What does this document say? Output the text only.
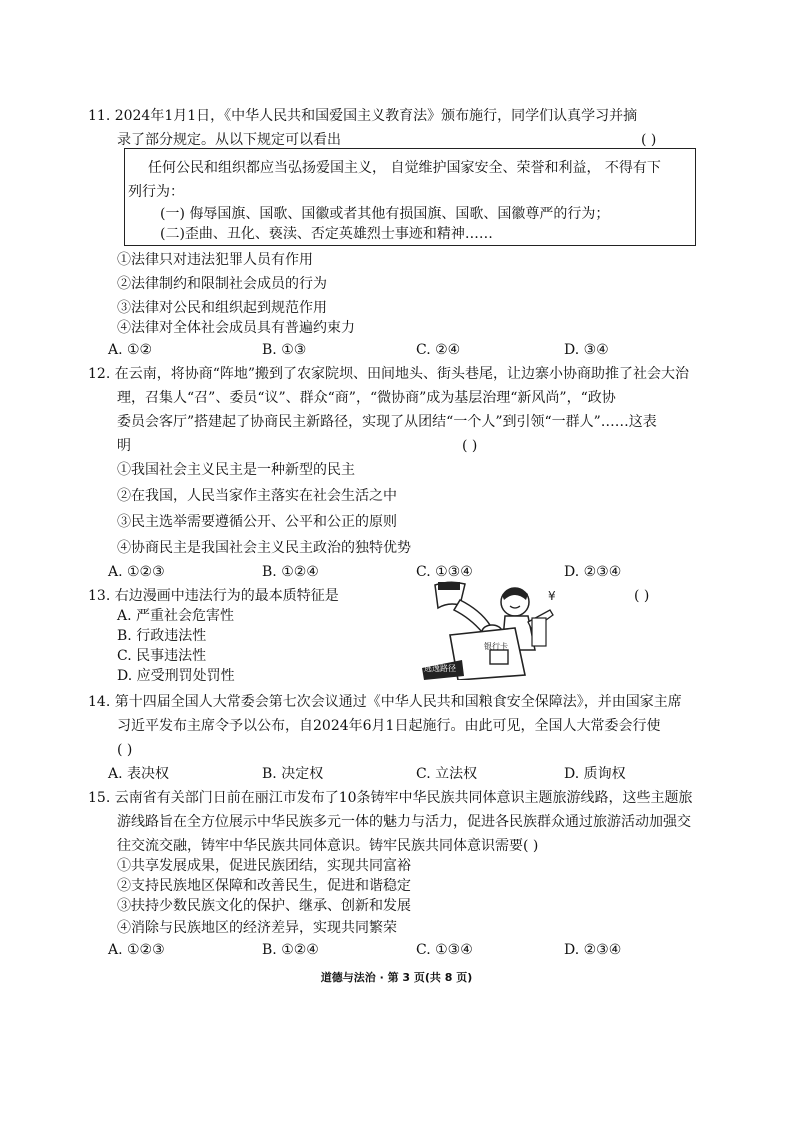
11. 2024年1月1日，《中华人民共和国爱国主义教育法》颁布施行，同学们认真学习并摘
录了部分规定。从以下规定可以看出	( )
任何公民和组织都应当弘扬爱国主义， 自觉维护国家安全、荣誉和利益， 不得有下
列行为：
(一) 侮辱国旗、国歌、国徽或者其他有损国旗、国歌、国徽尊严的行为；
(二)歪曲、丑化、亵渎、否定英雄烈士事迹和精神……
①法律只对违法犯罪人员有作用
②法律制约和限制社会成员的行为
③法律对公民和组织起到规范作用
④法律对全体社会成员具有普遍约束力
A. ①②	B. ①③	C. ②④	D. ③④
12. 在云南，将协商“阵地”搬到了农家院坝、田间地头、街头巷尾，让边寨小协商助推了社会大治
理，召集人“召”、委员“议”、群众“商”，“微协商”成为基层治理“新风尚”，“政协
委员会客厅”搭建起了协商民主新路径，实现了从团结“一个人”到引领“一群人”……这表
明	( )
①我国社会主义民主是一种新型的民主
②在我国，人民当家作主落实在社会生活之中
③民主选举需要遵循公开、公平和公正的原则
④协商民主是我国社会主义民主政治的独特优势
A. ①②③	B. ①②④	C. ①③④	D. ②③④
13. 右边漫画中违法行为的最本质特征是	( )
A. 严重社会危害性
B. 行政违法性
C. 民事违法性
D. 应受刑罚处罚性
¥
银行卡
逃逸路径
14. 第十四届全国人大常委会第七次会议通过《中华人民共和国粮食安全保障法》，并由国家主席
习近平发布主席令予以公布，自2024年6月1日起施行。由此可见，全国人大常委会行使
( )
A. 表决权	B. 决定权	C. 立法权	D. 质询权
15. 云南省有关部门日前在丽江市发布了10条铸牢中华民族共同体意识主题旅游线路，这些主题旅
游线路旨在全方位展示中华民族多元一体的魅力与活力，促进各民族群众通过旅游活动加强交
往交流交融，铸牢中华民族共同体意识。铸牢民族共同体意识需要( )
①共享发展成果，促进民族团结，实现共同富裕
②支持民族地区保障和改善民生，促进和谐稳定
③扶持少数民族文化的保护、继承、创新和发展
④消除与民族地区的经济差异，实现共同繁荣
A. ①②③	B. ①②④	C. ①③④	D. ②③④
道德与法治 · 第 3 页(共 8 页)
